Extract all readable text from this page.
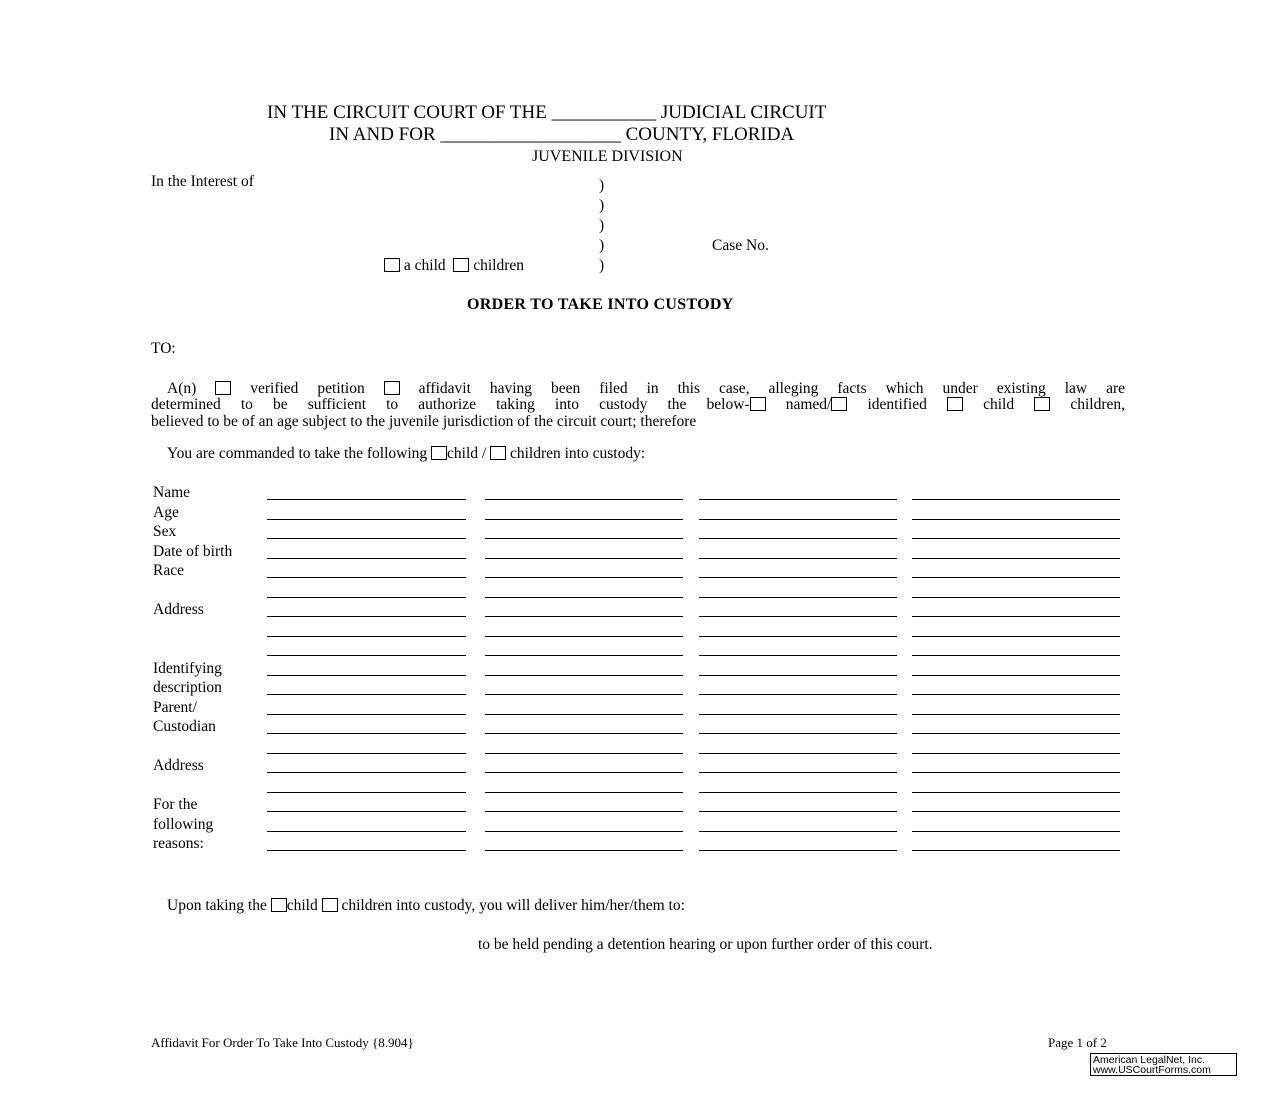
IN THE CIRCUIT COURT OF THE ___________ JUDICIAL CIRCUIT
IN AND FOR ___________________ COUNTY, FLORIDA
JUVENILE DIVISION
In the Interest of	)
)
)
)
)
Case No.
a child children
ORDER TO TAKE INTO CUSTODY
TO:
A(n)	verified petition	affidavit having been filed in this case, alleging facts which under existing law are
determined to be sufficient to authorize taking into custody the below- named/ identified	child	children,
believed to be of an age subject to the juvenile jurisdiction of the circuit court; therefore
You are commanded to take the following child / children into custody:
Name
Age
Sex
Date of birth
Race
Address
Identifying
description
Parent/
Custodian
Address
For the
following
reasons:
Upon taking the child children into custody, you will deliver him/her/them to:
to be held pending a detention hearing or upon further order of this court.
Affidavit For Order To Take Into Custody {8.904}	Page 1 of 2
American LegalNet, Inc.
www.USCourtForms.com
